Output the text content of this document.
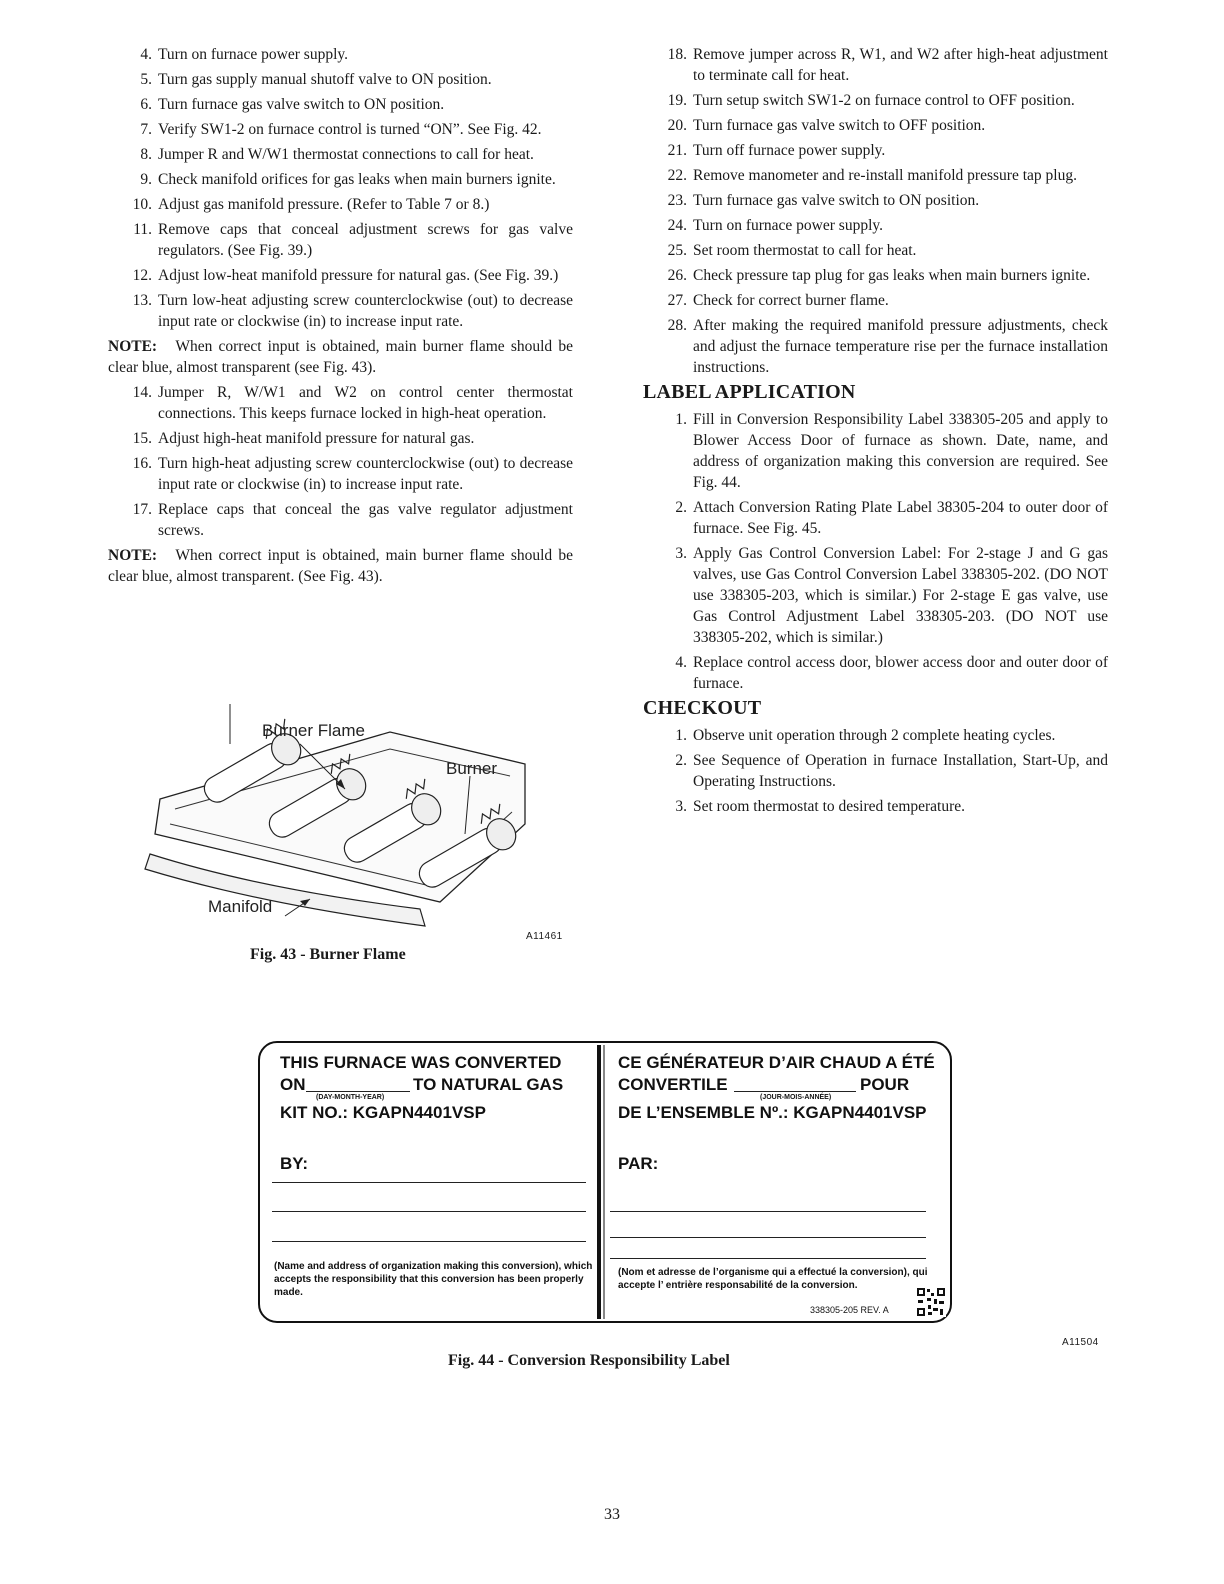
4. Turn on furnace power supply.
5. Turn gas supply manual shutoff valve to ON position.
6. Turn furnace gas valve switch to ON position.
7. Verify SW1-2 on furnace control is turned “ON”. See Fig. 42.
8. Jumper R and W/W1 thermostat connections to call for heat.
9. Check manifold orifices for gas leaks when main burners ignite.
10. Adjust gas manifold pressure. (Refer to Table 7 or 8.)
11. Remove caps that conceal adjustment screws for gas valve regulators. (See Fig. 39.)
12. Adjust low-heat manifold pressure for natural gas. (See Fig. 39.)
13. Turn low-heat adjusting screw counterclockwise (out) to decrease input rate or clockwise (in) to increase input rate.

NOTE: When correct input is obtained, main burner flame should be clear blue, almost transparent (see Fig. 43).

14. Jumper R, W/W1 and W2 on control center thermostat connections. This keeps furnace locked in high-heat operation.
15. Adjust high-heat manifold pressure for natural gas.
16. Turn high-heat adjusting screw counterclockwise (out) to decrease input rate or clockwise (in) to increase input rate.
17. Replace caps that conceal the gas valve regulator adjustment screws.

NOTE: When correct input is obtained, main burner flame should be clear blue, almost transparent. (See Fig. 43).

Burner Flame
Burner
Manifold
A11461
Fig. 43 - Burner Flame
18. Remove jumper across R, W1, and W2 after high-heat adjustment to terminate call for heat.
19. Turn setup switch SW1-2 on furnace control to OFF position.
20. Turn furnace gas valve switch to OFF position.
21. Turn off furnace power supply.
22. Remove manometer and re-install manifold pressure tap plug.
23. Turn furnace gas valve switch to ON position.
24. Turn on furnace power supply.
25. Set room thermostat to call for heat.
26. Check pressure tap plug for gas leaks when main burners ignite.
27. Check for correct burner flame.
28. After making the required manifold pressure adjustments, check and adjust the furnace temperature rise per the furnace installation instructions.
LABEL APPLICATION
1. Fill in Conversion Responsibility Label 338305-205 and apply to Blower Access Door of furnace as shown. Date, name, and address of organization making this conversion are required. See Fig. 44.
2. Attach Conversion Rating Plate Label 38305-204 to outer door of furnace. See Fig. 45.
3. Apply Gas Control Conversion Label: For 2-stage J and G gas valves, use Gas Control Conversion Label 338305-202. (DO NOT use 338305-203, which is similar.) For 2-stage E gas valve, use Gas Control Adjustment Label 338305-203. (DO NOT use 338305-202, which is similar.)
4. Replace control access door, blower access door and outer door of furnace.
CHECKOUT
1. Observe unit operation through 2 complete heating cycles.
2. See Sequence of Operation in furnace Installation, Start-Up, and Operating Instructions.
3. Set room thermostat to desired temperature.
THIS FURNACE WAS CONVERTED
ON	TO NATURAL GAS
(DAY-MONTH-YEAR)
KIT NO.: KGAPN4401VSP
BY:
(Name and address of organization making this conversion), which accepts the responsibility that this conversion has been properly made.
CE GÉNÉRATEUR D’AIR CHAUD A ÉTÉ
CONVERTILE	POUR
(JOUR-MOIS-ANNÉE)
DE L’ENSEMBLE Nº.: KGAPN4401VSP
PAR:
(Nom et adresse de l’organisme qui a effectué la conversion), qui accepte l’ entrière responsabilité de la conversion.
338305-205 REV. A
A11504
Fig. 44 - Conversion Responsibility Label
33
